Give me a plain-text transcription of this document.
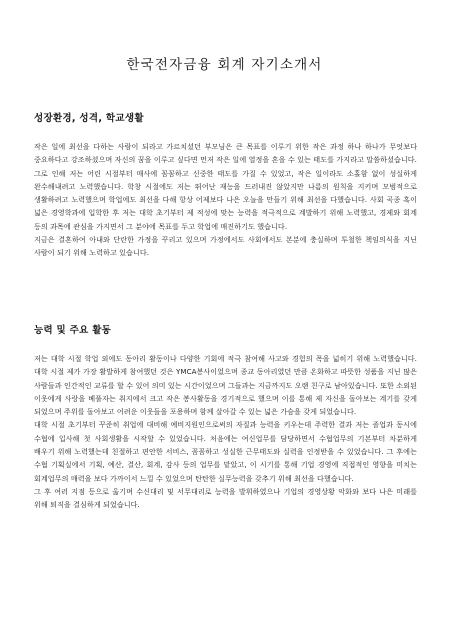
한국전자금융 회계 자기소개서
성장환경, 성격, 학교생활

작은 일에 최선을 다하는 사람이 되라고 가르치셨던 부모님은 큰 목표를 이루기 위한 작은 과정 하나 하나가 무엇보다 중요하다고 강조하셨으며 자신의 꿈을 이루고 싶다면 먼저 작은 일에 열정을 혼을 수 있는 태도를 가지라고 말씀하셨습니다. 그로 인해 저는 어린 시절부터 매사에 꼼꼼하고 신중한 태도를 가질 수 있었고, 작은 일이라도 소홀함 없이 성실하게 완수해내려고 노력했습니다. 학창 시절에도 저는 뛰어난 재능을 드러내진 않았지만 나름의 원칙을 지키며 모범적으로 생활하려고 노력했으며 학업에도 최선을 다해 항상 어제보다 나은 오늘을 만들기 위해 최선을 다했습니다. 사회 곡종 혹이 넓은 경영학과에 입학한 후 저는 대학 초기부터 제 적성에 맞는 능력을 적극적으로 계발하기 위해 노력했고, 경제와 회계 등의 과목에 관심을 가지면서 그 분야에 목표를 두고 학업에 매진하기도 했습니다.

지금은 결혼하여 아내와 단란한 가정을 꾸리고 있으며 가정에서도 사회에서도 본분에 충실하며 투철한 책임의식을 지닌 사람이 되기 위해 노력하고 있습니다.

능력 및 주요 활동

저는 대학 시절 학업 외에도 동아리 활동이나 다양한 기회에 적극 참여해 사고와 경험의 폭을 넓히기 위해 노력했습니다. 대학 시절 제가 가장 활발하게 참여했던 것은 YMCA봉사이었으며 종교 동아리였던 만큼 온화하고 따뜻한 성품을 지닌 많은 사람들과 인간적인 교류를 할 수 있어 의미 있는 시간이었으며 그들과는 지금까지도 오랜 친구로 남아있습니다. 또한 소외된 이웃에게 사랑을 베풀자는 취지에서 크고 작은 봉사활동을 경기적으로 했으며 이를 통해 제 자신을 돌아보는 계기를 갖게 되었으며 주위를 돌아보고 어려운 이웃들을 포용하며 함께 살아갈 수 있는 넓은 가슴을 갖게 되었습니다.

대학 시절 초기부터 꾸준히 취업에 대비해 예비지원인으로써의 자질과 능력을 키우는데 주력한 결과 저는 졸업과 동시에 수협에 입사해 첫 사회생활을 시작할 수 있었습니다. 처음에는 여신업무를 담당하면서 수협업무의 기본부터 차분하게 배우기 위해 노력했는데 친절하고 편안한 서비스, 꼼꼼하고 성실한 근무태도와 실력을 인정받을 수 있었습니다. 그 후에는 수협 기획실에서 기획, 예산, 결산, 회계, 감사 등의 업무를 맡았고, 이 시기를 통해 기업 경영에 직접적인 영향을 미치는 회계업무의 매력을 보다 가까이서 느낄 수 있었으며 탄탄한 실무능력을 갖추기 위해 최선을 다했습니다.

그 후 여러 지점 등으로 옮기며 수신대리 및 서무대리로 능력을 발휘하였으나 기업의 경영상황 악화와 보다 나은 미래를 위해 퇴직을 결심하게 되었습니다.
